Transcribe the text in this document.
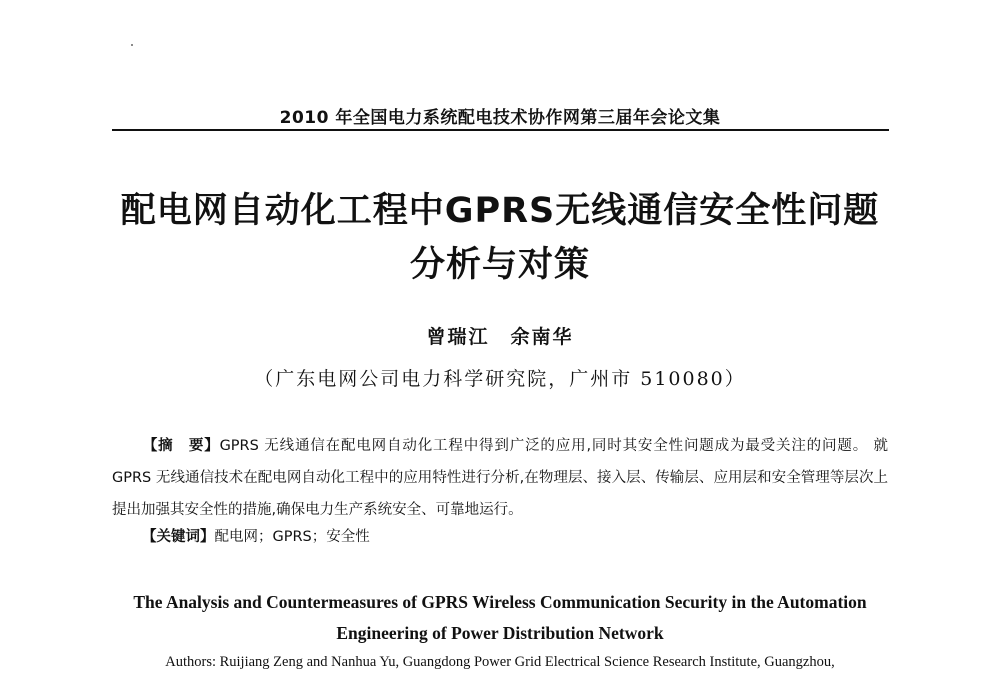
2010 年全国电力系统配电技术协作网第三届年会论文集
配电网自动化工程中GPRS无线通信安全性问题
分析与对策
曾瑞江　余南华
（广东电网公司电力科学研究院，广州市 510080）
【摘　要】GPRS 无线通信在配电网自动化工程中得到广泛的应用,同时其安全性问题成为最受关注的问题。 就 GPRS 无线通信技术在配电网自动化工程中的应用特性进行分析,在物理层、接入层、传输层、应用层和安全管理等层次上提出加强其安全性的措施,确保电力生产系统安全、可靠地运行。
【关键词】配电网；GPRS；安全性
The Analysis and Countermeasures of GPRS Wireless Communication Security in the Automation
Engineering of Power Distribution Network
Authors: Ruijiang Zeng and Nanhua Yu, Guangdong Power Grid Electrical Science Research Institute, Guangzhou,
